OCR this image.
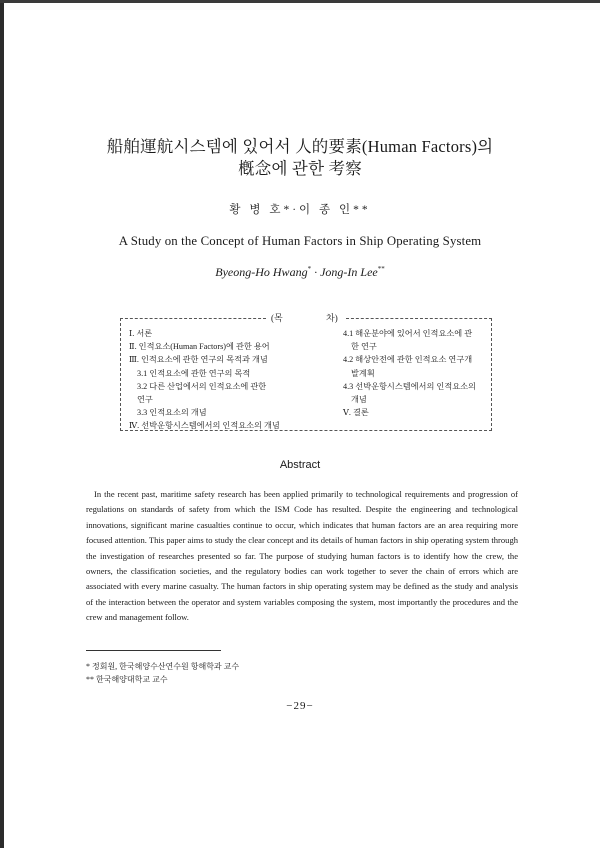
船舶運航시스템에 있어서 人的要素(Human Factors)의
槪念에 관한 考察
황 병 호*·이 종 인**
A Study on the Concept of Human Factors in Ship Operating System
Byeong-Ho Hwang* · Jong-In Lee**
(목	차)
Ⅰ. 서론
Ⅱ. 인적요소(Human Factors)에 관한 용어
Ⅲ. 인적요소에 관한 연구의 목적과 개념
3.1 인적요소에 관한 연구의 목적
3.2 다른 산업에서의 인적요소에 관한
연구
3.3 인적요소의 개념
Ⅳ. 선박운항시스템에서의 인적요소의 개념
4.1 해운분야에 있어서 인적요소에 관
한 연구
4.2 해상안전에 관한 인적요소 연구개
발계획
4.3 선박운항시스템에서의 인적요소의
개념
Ⅴ. 결론
Abstract

In the recent past, maritime safety research has been applied primarily to technological requirements and progression of regulations on standards of safety from which the ISM Code has resulted. Despite the engineering and technological innovations, significant marine casualties continue to occur, which indicates that human factors are an area requiring more focused attention. This paper aims to study the clear concept and its details of human factors in ship operating system through the investigation of researches presented so far. The purpose of studying human factors is to identify how the crew, the owners, the classification societies, and the regulatory bodies can work together to sever the chain of errors which are associated with every marine casualty. The human factors in ship operating system may be defined as the study and analysis of the interaction between the operator and system variables composing the system, most importantly the procedures and the crew and management follow.

* 정회원, 한국해양수산연수원 항해학과 교수
** 한국해양대학교 교수
−29−
